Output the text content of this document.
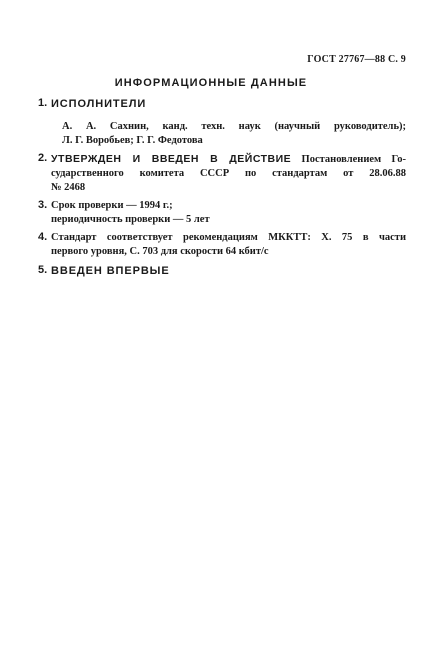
ГОСТ 27767—88 С. 9
ИНФОРМАЦИОННЫЕ ДАННЫЕ
1. ИСПОЛНИТЕЛИ
А. А. Сахнин, канд. техн. наук (научный руководитель);
Л. Г. Воробьев; Г. Г. Федотова
2. УТВЕРЖДЕН И ВВЕДЕН В ДЕЙСТВИЕ Постановлением Го-
сударственного комитета СССР по стандартам от 28.06.88
№ 2468
3. Срок проверки — 1994 г.;
периодичность проверки — 5 лет
4. Стандарт соответствует рекомендациям МККТТ: Х. 75 в части
первого уровня, С. 703 для скорости 64 кбит/с
5. ВВЕДЕН ВПЕРВЫЕ
